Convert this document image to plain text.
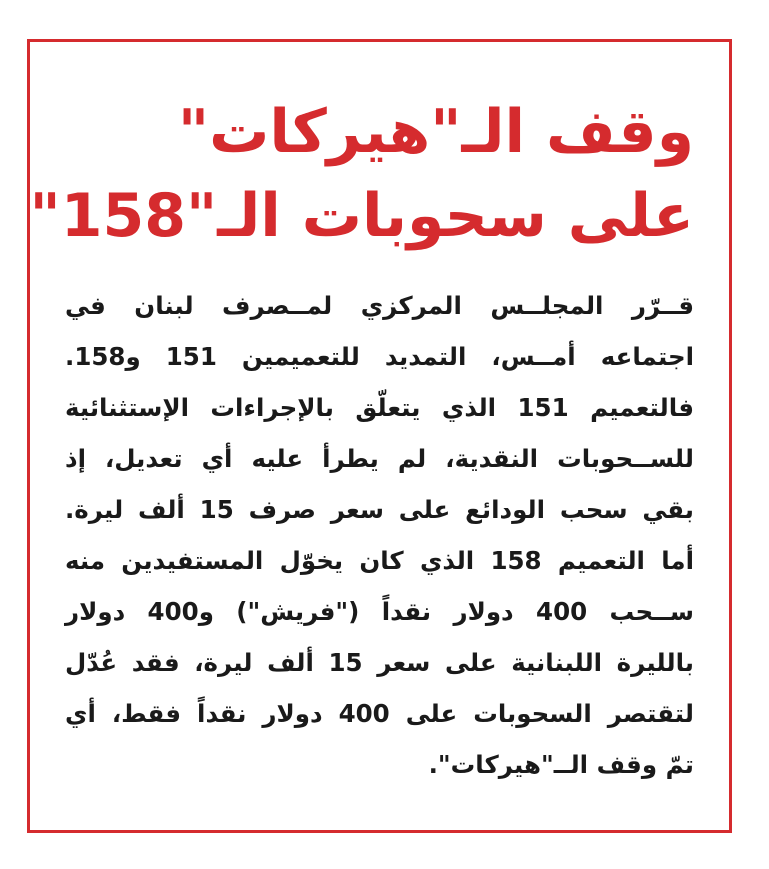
وقف الـ"هيركات"
على سحوبات الـ"158"

قــرّر المجلــس المركزي لمــصرف لبنان في
اجتماعه أمــس، التمديد للتعميمين 151 و158.
فالتعميم 151 الذي يتعلّق بالإجراءات الإستثنائية
للســحوبات النقدية، لم يطرأ عليه أي تعديل، إذ
بقي سحب الودائع على سعر صرف 15 ألف ليرة.
أما التعميم 158 الذي كان يخوّل المستفيدين منه
ســحب 400 دولار نقداً ("فريش") و400 دولار
بالليرة اللبنانية على سعر 15 ألف ليرة، فقد عُدّل
لتقتصر السحوبات على 400 دولار نقداً فقط، أي
تمّ وقف الــ"هيركات".
